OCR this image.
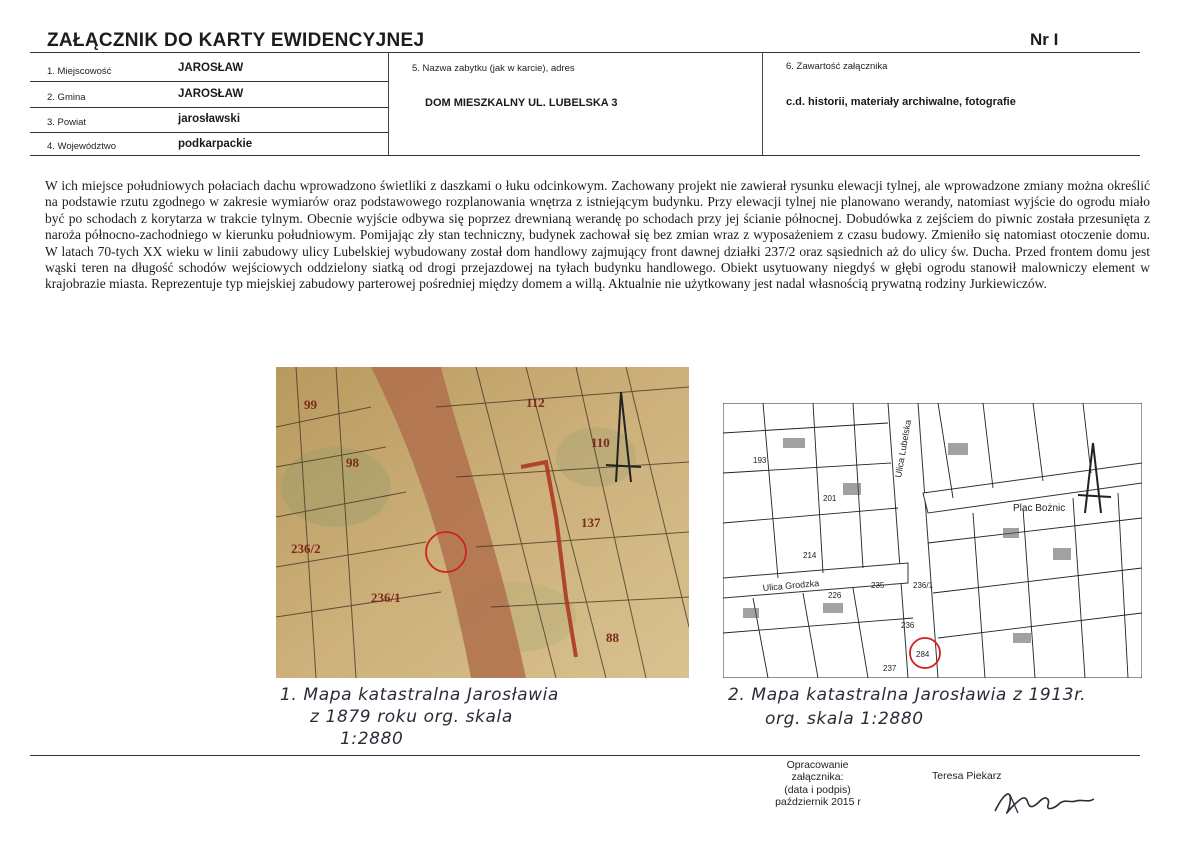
ZAŁĄCZNIK DO KARTY EWIDENCYJNEJ	Nr I
1. Miejscowość	JAROSŁAW
2. Gmina	JAROSŁAW
3. Powiat	jarosławski
4. Województwo	podkarpackie
5. Nazwa zabytku (jak w karcie), adres
DOM MIESZKALNY UL. LUBELSKA 3
6. Zawartość załącznika
c.d. historii, materiały archiwalne, fotografie

W ich miejsce południowych połaciach dachu wprowadzono świetliki z daszkami o łuku odcinkowym. Zachowany projekt nie zawierał rysunku elewacji tylnej, ale wprowadzone zmiany można określić na podstawie rzutu zgodnego w zakresie wymiarów oraz podstawowego rozplanowania wnętrza z istniejącym budynku. Przy elewacji tylnej nie planowano werandy, natomiast wyjście do ogrodu miało być po schodach z korytarza w trakcie tylnym. Obecnie wyjście odbywa się poprzez drewnianą werandę po schodach przy jej ścianie północnej. Dobudówka z zejściem do piwnic została przesunięta z naroża północno-zachodniego w kierunku południowym. Pomijając zły stan techniczny, budynek zachował się bez zmian wraz z wyposażeniem z czasu budowy. Zmieniło się natomiast otoczenie domu. W latach 70-tych XX wieku w linii zabudowy ulicy Lubelskiej wybudowany został dom handlowy zajmujący front dawnej działki 237/2 oraz sąsiednich aż do ulicy św. Ducha. Przed frontem domu jest wąski teren na długość schodów wejściowych oddzielony siatką od drogi przejazdowej na tyłach budynku handlowego. Obiekt usytuowany niegdyś w głębi ogrodu stanowił malowniczy element w krajobrazie miasta. Reprezentuje typ miejskiej zabudowy parterowej pośredniej między domem a willą. Aktualnie nie użytkowany jest nadal własnością prywatną rodziny Jurkiewiczów.

236/2
236/1
112
110
137
99
88
98	Ulica Lubelska
Plac Bożnic
Ulica Grodzka
193
201
214
235	236/1
236
237
226
284
1. Mapa katastralna Jarosławia
z 1879 roku org. skala
1:2880
2. Mapa katastralna Jarosławia z 1913r.
org. skala 1:2880
Opracowanie
załącznika:
(data i podpis)
październik 2015 r
Teresa Piekarz
